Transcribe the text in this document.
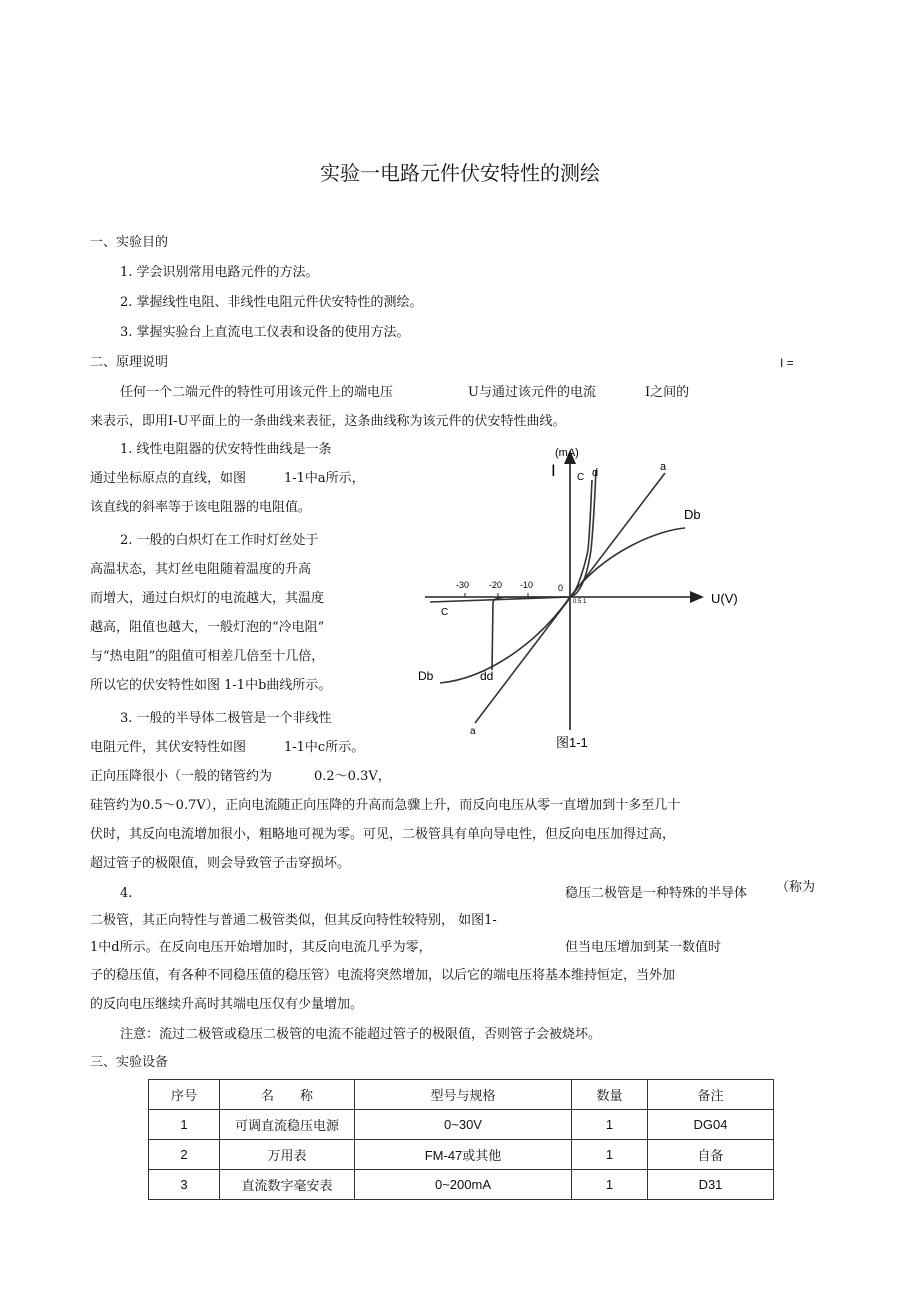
实验一电路元件伏安特性的测绘
一、实验目的
1. 学会识别常用电路元件的方法。
2. 掌握线性电阻、非线性电阻元件伏安特性的测绘。
3. 掌握实验台上直流电工仪表和设备的使用方法。
二、原理说明	I =
任何一个二端元件的特性可用该元件上的端电压	U与通过该元件的电流	I之间的
来表示，即用I-U平面上的一条曲线来表征，这条曲线称为该元件的伏安特性曲线。
1. 线性电阻器的伏安特性曲线是一条
通过坐标原点的直线，如图	1-1中a所示，
该直线的斜率等于该电阻器的电阻值。
2. 一般的白炽灯在工作时灯丝处于
高温状态，其灯丝电阻随着温度的升高
而增大，通过白炽灯的电流越大，其温度
越高，阻值也越大，一般灯泡的“冷电阻”
与“热电阻”的阻值可相差几倍至十几倍，
所以它的伏安特性如图 1-1中b曲线所示。
3. 一般的半导体二极管是一个非线性
电阻元件，其伏安特性如图	1-1中c所示。
正向压降很小（一般的锗管约为	0.2～0.3V，
硅管约为0.5～0.7V），正向电流随正向压降的升高而急骤上升，而反向电压从零一直增加到十多至几十
伏时，其反向电流增加很小，粗略地可视为零。可见，二极管具有单向导电性，但反向电压加得过高，
超过管子的极限值，则会导致管子击穿损坏。
4.	稳压二极管是一种特殊的半导体 （称为
二极管，其正向特性与普通二极管类似，但其反向特性较特别， 如图1-
1中d所示。在反向电压开始增加时，其反向电流几乎为零，	但当电压增加到某一数值时
子的稳压值，有各种不同稳压值的稳压管）电流将突然增加，以后它的端电压将基本维持恒定，当外加
的反向电压继续升高时其端电压仅有少量增加。
注意：流过二极管或稳压二极管的电流不能超过管子的极限值，否则管子会被烧坏。
三、实验设备
(mA)
I
U(V)
0
0.5 1
-30 -20 -10
C d	a
Db
C
Db	dd
a
图1-1
序号	名　　称	型号与规格	数量	备注
1	可调直流稳压电源	0~30V	1	DG04
2	万用表	FM-47或其他	1	自备
3	直流数字毫安表	0~200mA	1	D31
